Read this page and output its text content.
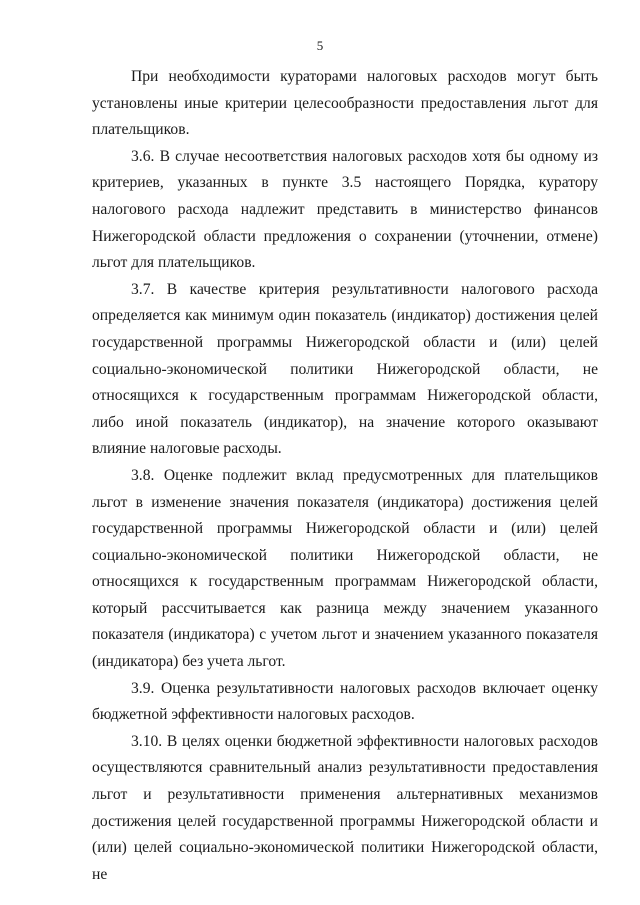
5

При необходимости кураторами налоговых расходов могут быть установлены иные критерии целесообразности предоставления льгот для плательщиков.

3.6. В случае несоответствия налоговых расходов хотя бы одному из критериев, указанных в пункте 3.5 настоящего Порядка, куратору налогового расхода надлежит представить в министерство финансов Нижегородской области предложения о сохранении (уточнении, отмене) льгот для плательщиков.

3.7. В качестве критерия результативности налогового расхода определяется как минимум один показатель (индикатор) достижения целей государственной программы Нижегородской области и (или) целей социально-экономической политики Нижегородской области, не относящихся к государственным программам Нижегородской области, либо иной показатель (индикатор), на значение которого оказывают влияние налоговые расходы.

3.8. Оценке подлежит вклад предусмотренных для плательщиков льгот в изменение значения показателя (индикатора) достижения целей государственной программы Нижегородской области и (или) целей социально-экономической политики Нижегородской области, не относящихся к государственным программам Нижегородской области, который рассчитывается как разница между значением указанного показателя (индикатора) с учетом льгот и значением указанного показателя (индикатора) без учета льгот.

3.9. Оценка результативности налоговых расходов включает оценку бюджетной эффективности налоговых расходов.

3.10. В целях оценки бюджетной эффективности налоговых расходов осуществляются сравнительный анализ результативности предоставления льгот и результативности применения альтернативных механизмов достижения целей государственной программы Нижегородской области и (или) целей социально-экономической политики Нижегородской области, не
